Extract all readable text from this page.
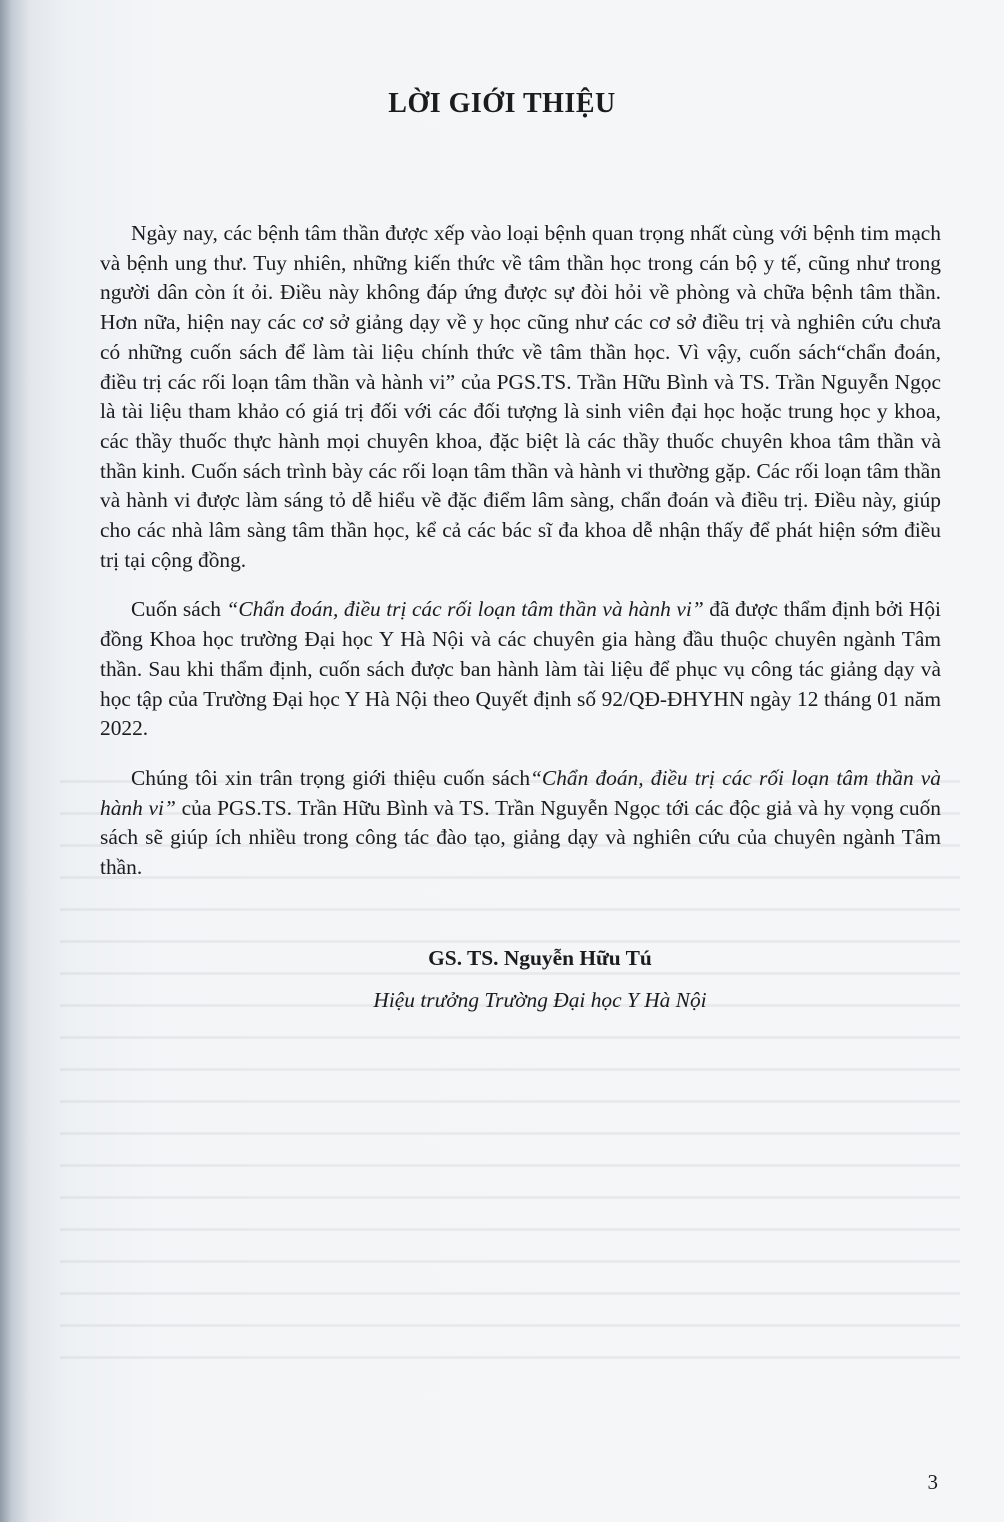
LỜI GIỚI THIỆU

Ngày nay, các bệnh tâm thần được xếp vào loại bệnh quan trọng nhất cùng với bệnh tim mạch và bệnh ung thư. Tuy nhiên, những kiến thức về tâm thần học trong cán bộ y tế, cũng như trong người dân còn ít ỏi. Điều này không đáp ứng được sự đòi hỏi về phòng và chữa bệnh tâm thần. Hơn nữa, hiện nay các cơ sở giảng dạy về y học cũng như các cơ sở điều trị và nghiên cứu chưa có những cuốn sách để làm tài liệu chính thức về tâm thần học. Vì vậy, cuốn sách“chẩn đoán, điều trị các rối loạn tâm thần và hành vi” của PGS.TS. Trần Hữu Bình và TS. Trần Nguyễn Ngọc là tài liệu tham khảo có giá trị đối với các đối tượng là sinh viên đại học hoặc trung học y khoa, các thầy thuốc thực hành mọi chuyên khoa, đặc biệt là các thầy thuốc chuyên khoa tâm thần và thần kinh. Cuốn sách trình bày các rối loạn tâm thần và hành vi thường gặp. Các rối loạn tâm thần và hành vi được làm sáng tỏ dễ hiểu về đặc điểm lâm sàng, chẩn đoán và điều trị. Điều này, giúp cho các nhà lâm sàng tâm thần học, kể cả các bác sĩ đa khoa dễ nhận thấy để phát hiện sớm điều trị tại cộng đồng.

Cuốn sách “Chẩn đoán, điều trị các rối loạn tâm thần và hành vi” đã được thẩm định bởi Hội đồng Khoa học trường Đại học Y Hà Nội và các chuyên gia hàng đầu thuộc chuyên ngành Tâm thần. Sau khi thẩm định, cuốn sách được ban hành làm tài liệu để phục vụ công tác giảng dạy và học tập của Trường Đại học Y Hà Nội theo Quyết định số 92/QĐ-ĐHYHN ngày 12 tháng 01 năm 2022.

Chúng tôi xin trân trọng giới thiệu cuốn sách“Chẩn đoán, điều trị các rối loạn tâm thần và hành vi” của PGS.TS. Trần Hữu Bình và TS. Trần Nguyễn Ngọc tới các độc giả và hy vọng cuốn sách sẽ giúp ích nhiều trong công tác đào tạo, giảng dạy và nghiên cứu của chuyên ngành Tâm thần.

GS. TS. Nguyễn Hữu Tú
Hiệu trưởng Trường Đại học Y Hà Nội
3
